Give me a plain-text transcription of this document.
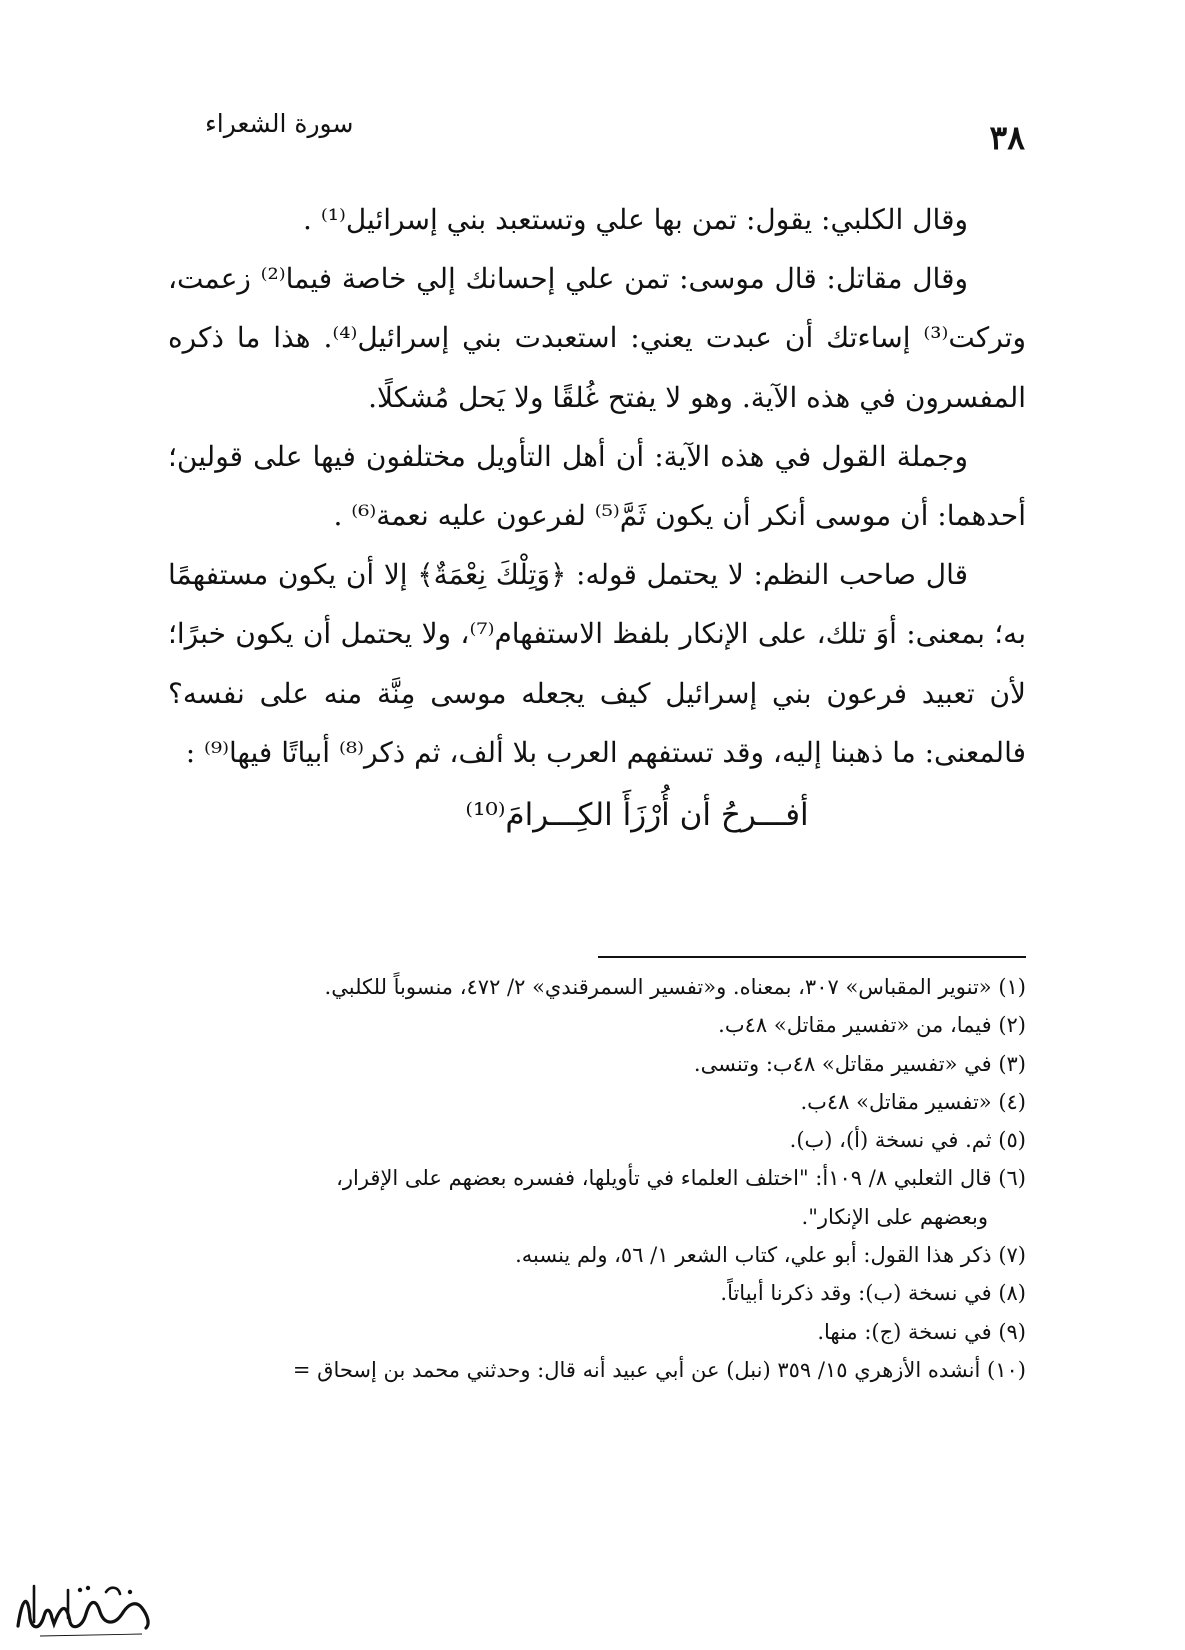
٣٨
سورة الشعراء

وقال الكلبي: يقول: تمن بها علي وتستعبد بني إسرائيل⁽¹⁾ .

وقال مقاتل: قال موسى: تمن علي إحسانك إلي خاصة فيما⁽²⁾ زعمت، وتركت⁽³⁾ إساءتك أن عبدت يعني: استعبدت بني إسرائيل⁽⁴⁾. هذا ما ذكره المفسرون في هذه الآية. وهو لا يفتح غُلقًا ولا يَحل مُشكلًا.

وجملة القول في هذه الآية: أن أهل التأويل مختلفون فيها على قولين؛ أحدهما: أن موسى أنكر أن يكون ثَمَّ⁽⁵⁾ لفرعون عليه نعمة⁽⁶⁾ .

قال صاحب النظم: لا يحتمل قوله: ﴿وَتِلْكَ نِعْمَةٌ﴾ إلا أن يكون مستفهمًا به؛ بمعنى: أوَ تلك، على الإنكار بلفظ الاستفهام⁽⁷⁾، ولا يحتمل أن يكون خبرًا؛ لأن تعبيد فرعون بني إسرائيل كيف يجعله موسى مِنَّة منه على نفسه؟ فالمعنى: ما ذهبنا إليه، وقد تستفهم العرب بلا ألف، ثم ذكر⁽⁸⁾ أبياتًا فيها⁽⁹⁾ :

أفـــرحُ أن أُرْزَأَ الكِـــرامَ⁽¹⁰⁾

(١) «تنوير المقباس» ٣٠٧، بمعناه. و«تفسير السمرقندي» ٢/ ٤٧٢، منسوباً للكلبي.

(٢) فيما، من «تفسير مقاتل» ٤٨ب.

(٣) في «تفسير مقاتل» ٤٨ب: وتنسى.

(٤) «تفسير مقاتل» ٤٨ب.

(٥) ثم. في نسخة (أ)، (ب).

(٦) قال الثعلبي ٨/ ١٠٩أ: "اختلف العلماء في تأويلها، ففسره بعضهم على الإقرار،

وبعضهم على الإنكار".

(٧) ذكر هذا القول: أبو علي، كتاب الشعر ١/ ٥٦، ولم ينسبه.

(٨) في نسخة (ب): وقد ذكرنا أبياتاً.

(٩) في نسخة (ج): منها.

(١٠) أنشده الأزهري ١٥/ ٣٥٩ (نبل) عن أبي عبيد أنه قال: وحدثني محمد بن إسحاق =
